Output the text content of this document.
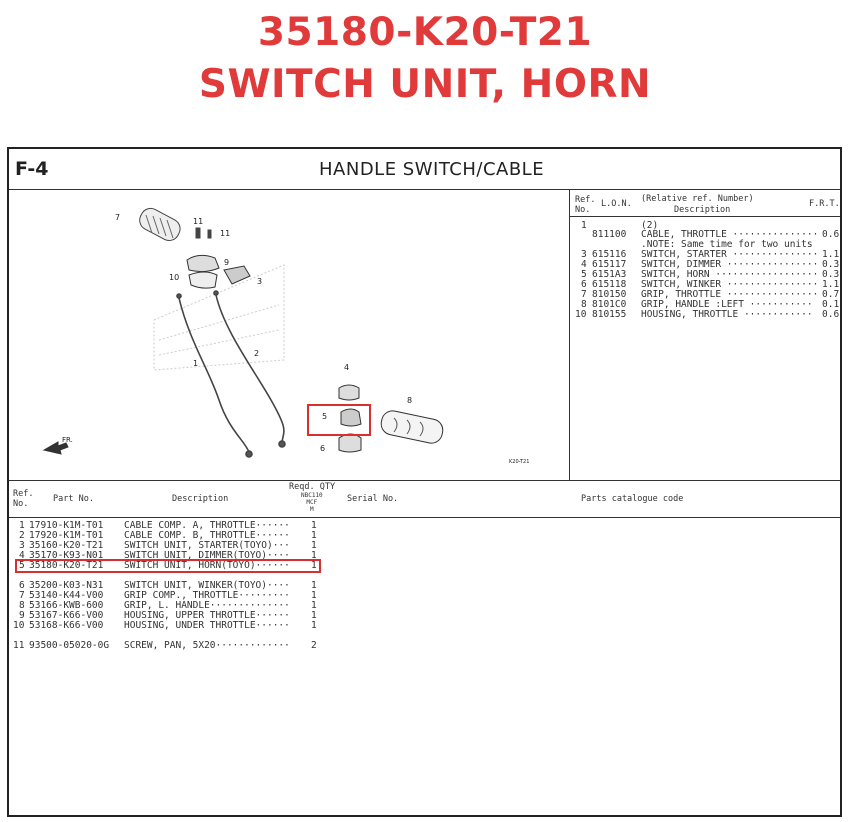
35180-K20-T21
SWITCH UNIT, HORN
F-4	HANDLE SWITCH/CABLE
7	11
11
9
10	3
1
2
4
5
8
6
FR.
K20-T21
Ref.
No.
L.O.N. (Relative ref. Number)
Description
F.R.T.
1	(2)
811100 CABLE, THROTTLE ··············· 0.6
.NOTE: Same time for two units
3 615116 SWITCH, STARTER ··············· 1.1
4 615117 SWITCH, DIMMER ················ 0.3
5 6151A3 SWITCH, HORN ·················· 0.3
6 615118 SWITCH, WINKER ················ 1.1
7 810150 GRIP, THROTTLE ················ 0.7
8 8101C0 GRIP, HANDLE :LEFT ··········· 0.1
10 810155 HOUSING, THROTTLE ············ 0.6
Ref.
No.	Part No.	Description
Reqd. QTY
NBC110
MCF
M
Serial No.	Parts catalogue code
1 17910-K1M-T01 CABLE COMP. A, THROTTLE······ 1
2 17920-K1M-T01 CABLE COMP. B, THROTTLE······ 1
3 35160-K20-T21 SWITCH UNIT, STARTER(TOYO)··· 1
4 35170-K93-N01 SWITCH UNIT, DIMMER(TOYO)···· 1
5 35180-K20-T21 SWITCH UNIT, HORN(TOYO)······ 1
6 35200-K03-N31 SWITCH UNIT, WINKER(TOYO)···· 1
7 53140-K44-V00 GRIP COMP., THROTTLE········· 1
8 53166-KWB-600 GRIP, L. HANDLE·············· 1
9 53167-K66-V00 HOUSING, UPPER THROTTLE······ 1
10 53168-K66-V00 HOUSING, UNDER THROTTLE······ 1
11 93500-05020-0G SCREW, PAN, 5X20············· 2
